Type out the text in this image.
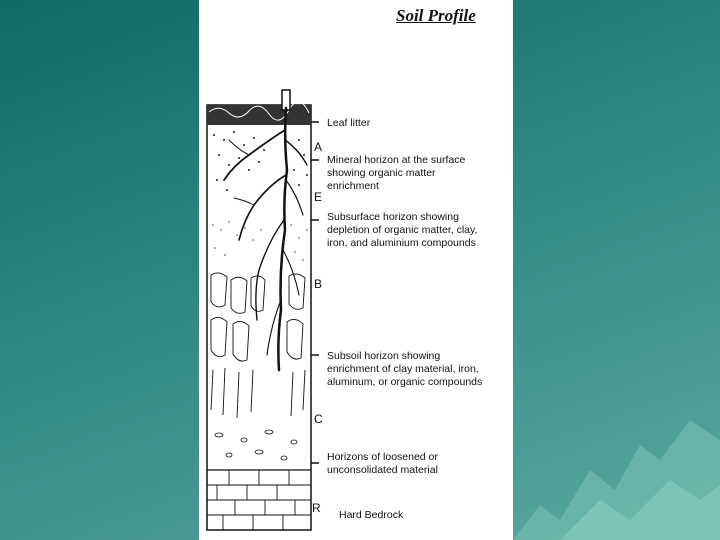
Soil Profile
A
E
B
C
R
Leaf litter
Mineral horizon at the surface
showing organic matter
enrichment
Subsurface horizon showing
depletion of organic matter, clay,
iron, and aluminium compounds
Subsoil horizon showing
enrichment of clay material, iron,
aluminum, or organic compounds
Horizons of loosened or
unconsolidated material
Hard Bedrock
